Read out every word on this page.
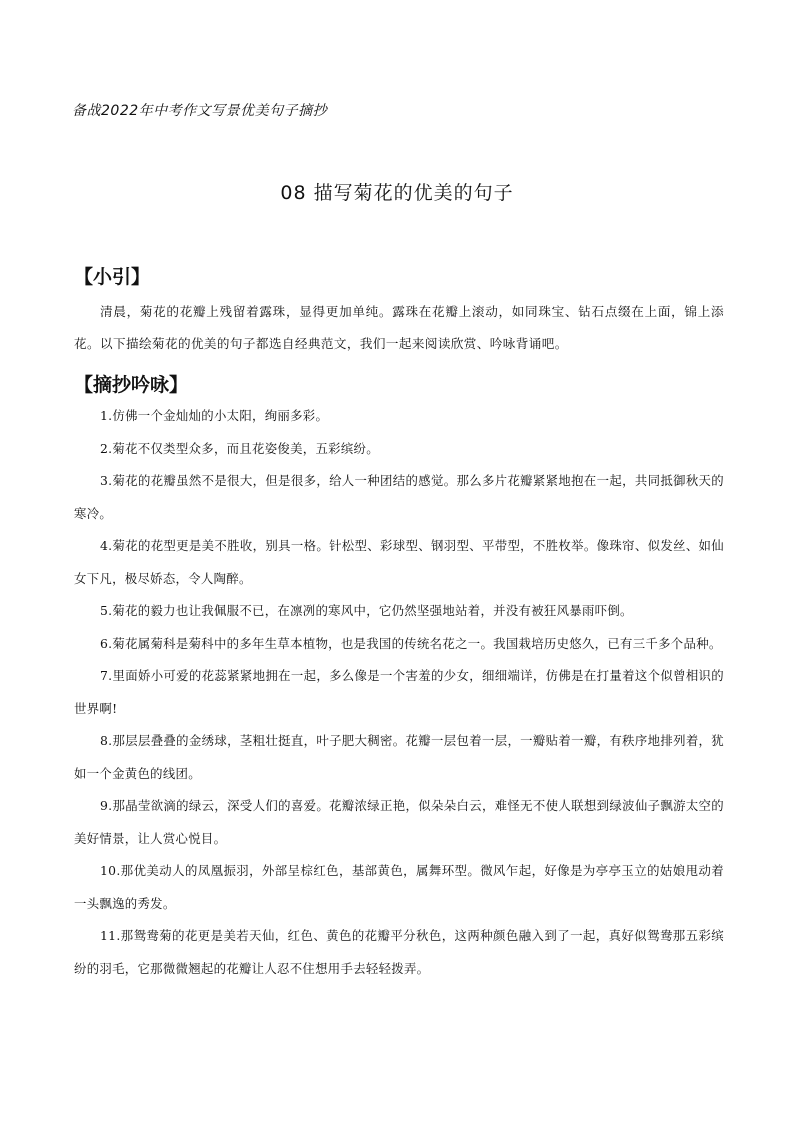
备战2022年中考作文写景优美句子摘抄
08 描写菊花的优美的句子
【小引】

清晨，菊花的花瓣上残留着露珠，显得更加单纯。露珠在花瓣上滚动，如同珠宝、钻石点缀在上面，锦上添花。以下描绘菊花的优美的句子都选自经典范文，我们一起来阅读欣赏、吟咏背诵吧。

【摘抄吟咏】
1.仿佛一个金灿灿的小太阳，绚丽多彩。
2.菊花不仅类型众多，而且花姿俊美，五彩缤纷。
3.菊花的花瓣虽然不是很大，但是很多，给人一种团结的感觉。那么多片花瓣紧紧地抱在一起，共同抵御秋天的寒冷。
4.菊花的花型更是美不胜收，别具一格。针松型、彩球型、钢羽型、平带型，不胜枚举。像珠帘、似发丝、如仙女下凡，极尽娇态，令人陶醉。
5.菊花的毅力也让我佩服不已，在凛冽的寒风中，它仍然坚强地站着，并没有被狂风暴雨吓倒。
6.菊花属菊科是菊科中的多年生草本植物，也是我国的传统名花之一。我国栽培历史悠久，已有三千多个品种。
7.里面娇小可爱的花蕊紧紧地拥在一起，多么像是一个害羞的少女，细细端详，仿佛是在打量着这个似曾相识的世界啊!
8.那层层叠叠的金绣球，茎粗壮挺直，叶子肥大稠密。花瓣一层包着一层，一瓣贴着一瓣，有秩序地排列着，犹如一个金黄色的线团。
9.那晶莹欲滴的绿云，深受人们的喜爱。花瓣浓绿正艳，似朵朵白云，难怪无不使人联想到绿波仙子飘游太空的美好情景，让人赏心悦目。
10.那优美动人的凤凰振羽，外部呈棕红色，基部黄色，属舞环型。微风乍起，好像是为亭亭玉立的姑娘甩动着一头飘逸的秀发。
11.那鸳鸯菊的花更是美若天仙，红色、黄色的花瓣平分秋色，这两种颜色融入到了一起，真好似鸳鸯那五彩缤纷的羽毛，它那微微翘起的花瓣让人忍不住想用手去轻轻拨弄。
